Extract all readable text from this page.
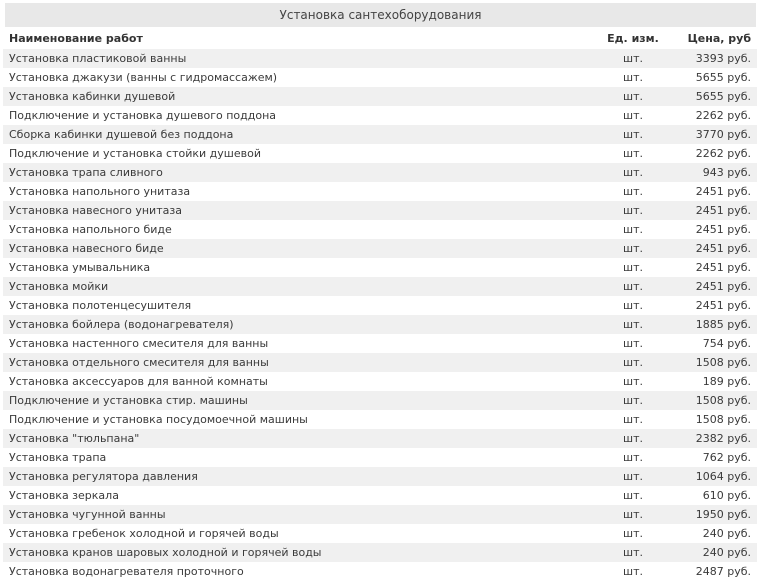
Установка сантехоборудования
Наименование работ	Ед. изм.	Цена, руб
Установка пластиковой ванны	шт.	3393 руб.
Установка джакузи (ванны с гидромассажем)	шт.	5655 руб.
Установка кабинки душевой	шт.	5655 руб.
Подключение и установка душевого поддона	шт.	2262 руб.
Сборка кабинки душевой без поддона	шт.	3770 руб.
Подключение и установка стойки душевой	шт.	2262 руб.
Установка трапа сливного	шт.	943 руб.
Установка напольного унитаза	шт.	2451 руб.
Установка навесного унитаза	шт.	2451 руб.
Установка напольного биде	шт.	2451 руб.
Установка навесного биде	шт.	2451 руб.
Установка умывальника	шт.	2451 руб.
Установка мойки	шт.	2451 руб.
Установка полотенцесушителя	шт.	2451 руб.
Установка бойлера (водонагревателя)	шт.	1885 руб.
Установка настенного смесителя для ванны	шт.	754 руб.
Установка отдельного смесителя для ванны	шт.	1508 руб.
Установка аксессуаров для ванной комнаты	шт.	189 руб.
Подключение и установка стир. машины	шт.	1508 руб.
Подключение и установка посудомоечной машины	шт.	1508 руб.
Установка "тюльпана"	шт.	2382 руб.
Установка трапа	шт.	762 руб.
Установка регулятора давления	шт.	1064 руб.
Установка зеркала	шт.	610 руб.
Установка чугунной ванны	шт.	1950 руб.
Установка гребенок холодной и горячей воды	шт.	240 руб.
Установка кранов шаровых холодной и горячей воды	шт.	240 руб.
Установка водонагревателя проточного	шт.	2487 руб.
